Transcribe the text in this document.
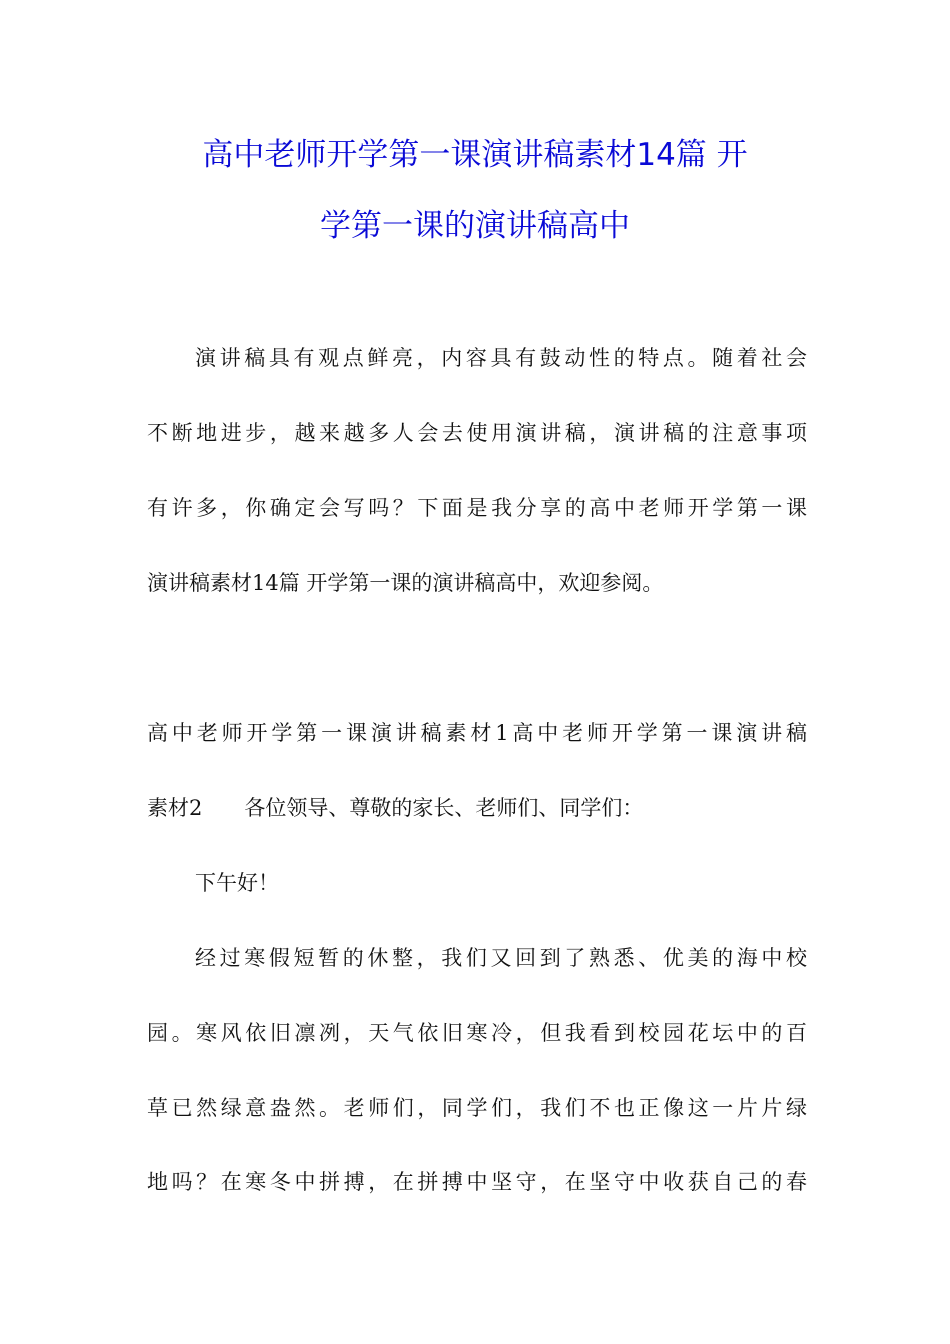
高中老师开学第一课演讲稿素材14篇 开
学第一课的演讲稿高中

演讲稿具有观点鲜亮，内容具有鼓动性的特点。随着社会

不断地进步，越来越多人会去使用演讲稿，演讲稿的注意事项

有许多，你确定会写吗？下面是我分享的高中老师开学第一课

演讲稿素材14篇 开学第一课的演讲稿高中，欢迎参阅。

高中老师开学第一课演讲稿素材1高中老师开学第一课演讲稿

素材2　　各位领导、尊敬的家长、老师们、同学们：

下午好！

经过寒假短暂的休整，我们又回到了熟悉、优美的海中校

园。寒风依旧凛冽，天气依旧寒冷，但我看到校园花坛中的百

草已然绿意盎然。老师们，同学们，我们不也正像这一片片绿

地吗？在寒冬中拼搏，在拼搏中坚守，在坚守中收获自己的春
